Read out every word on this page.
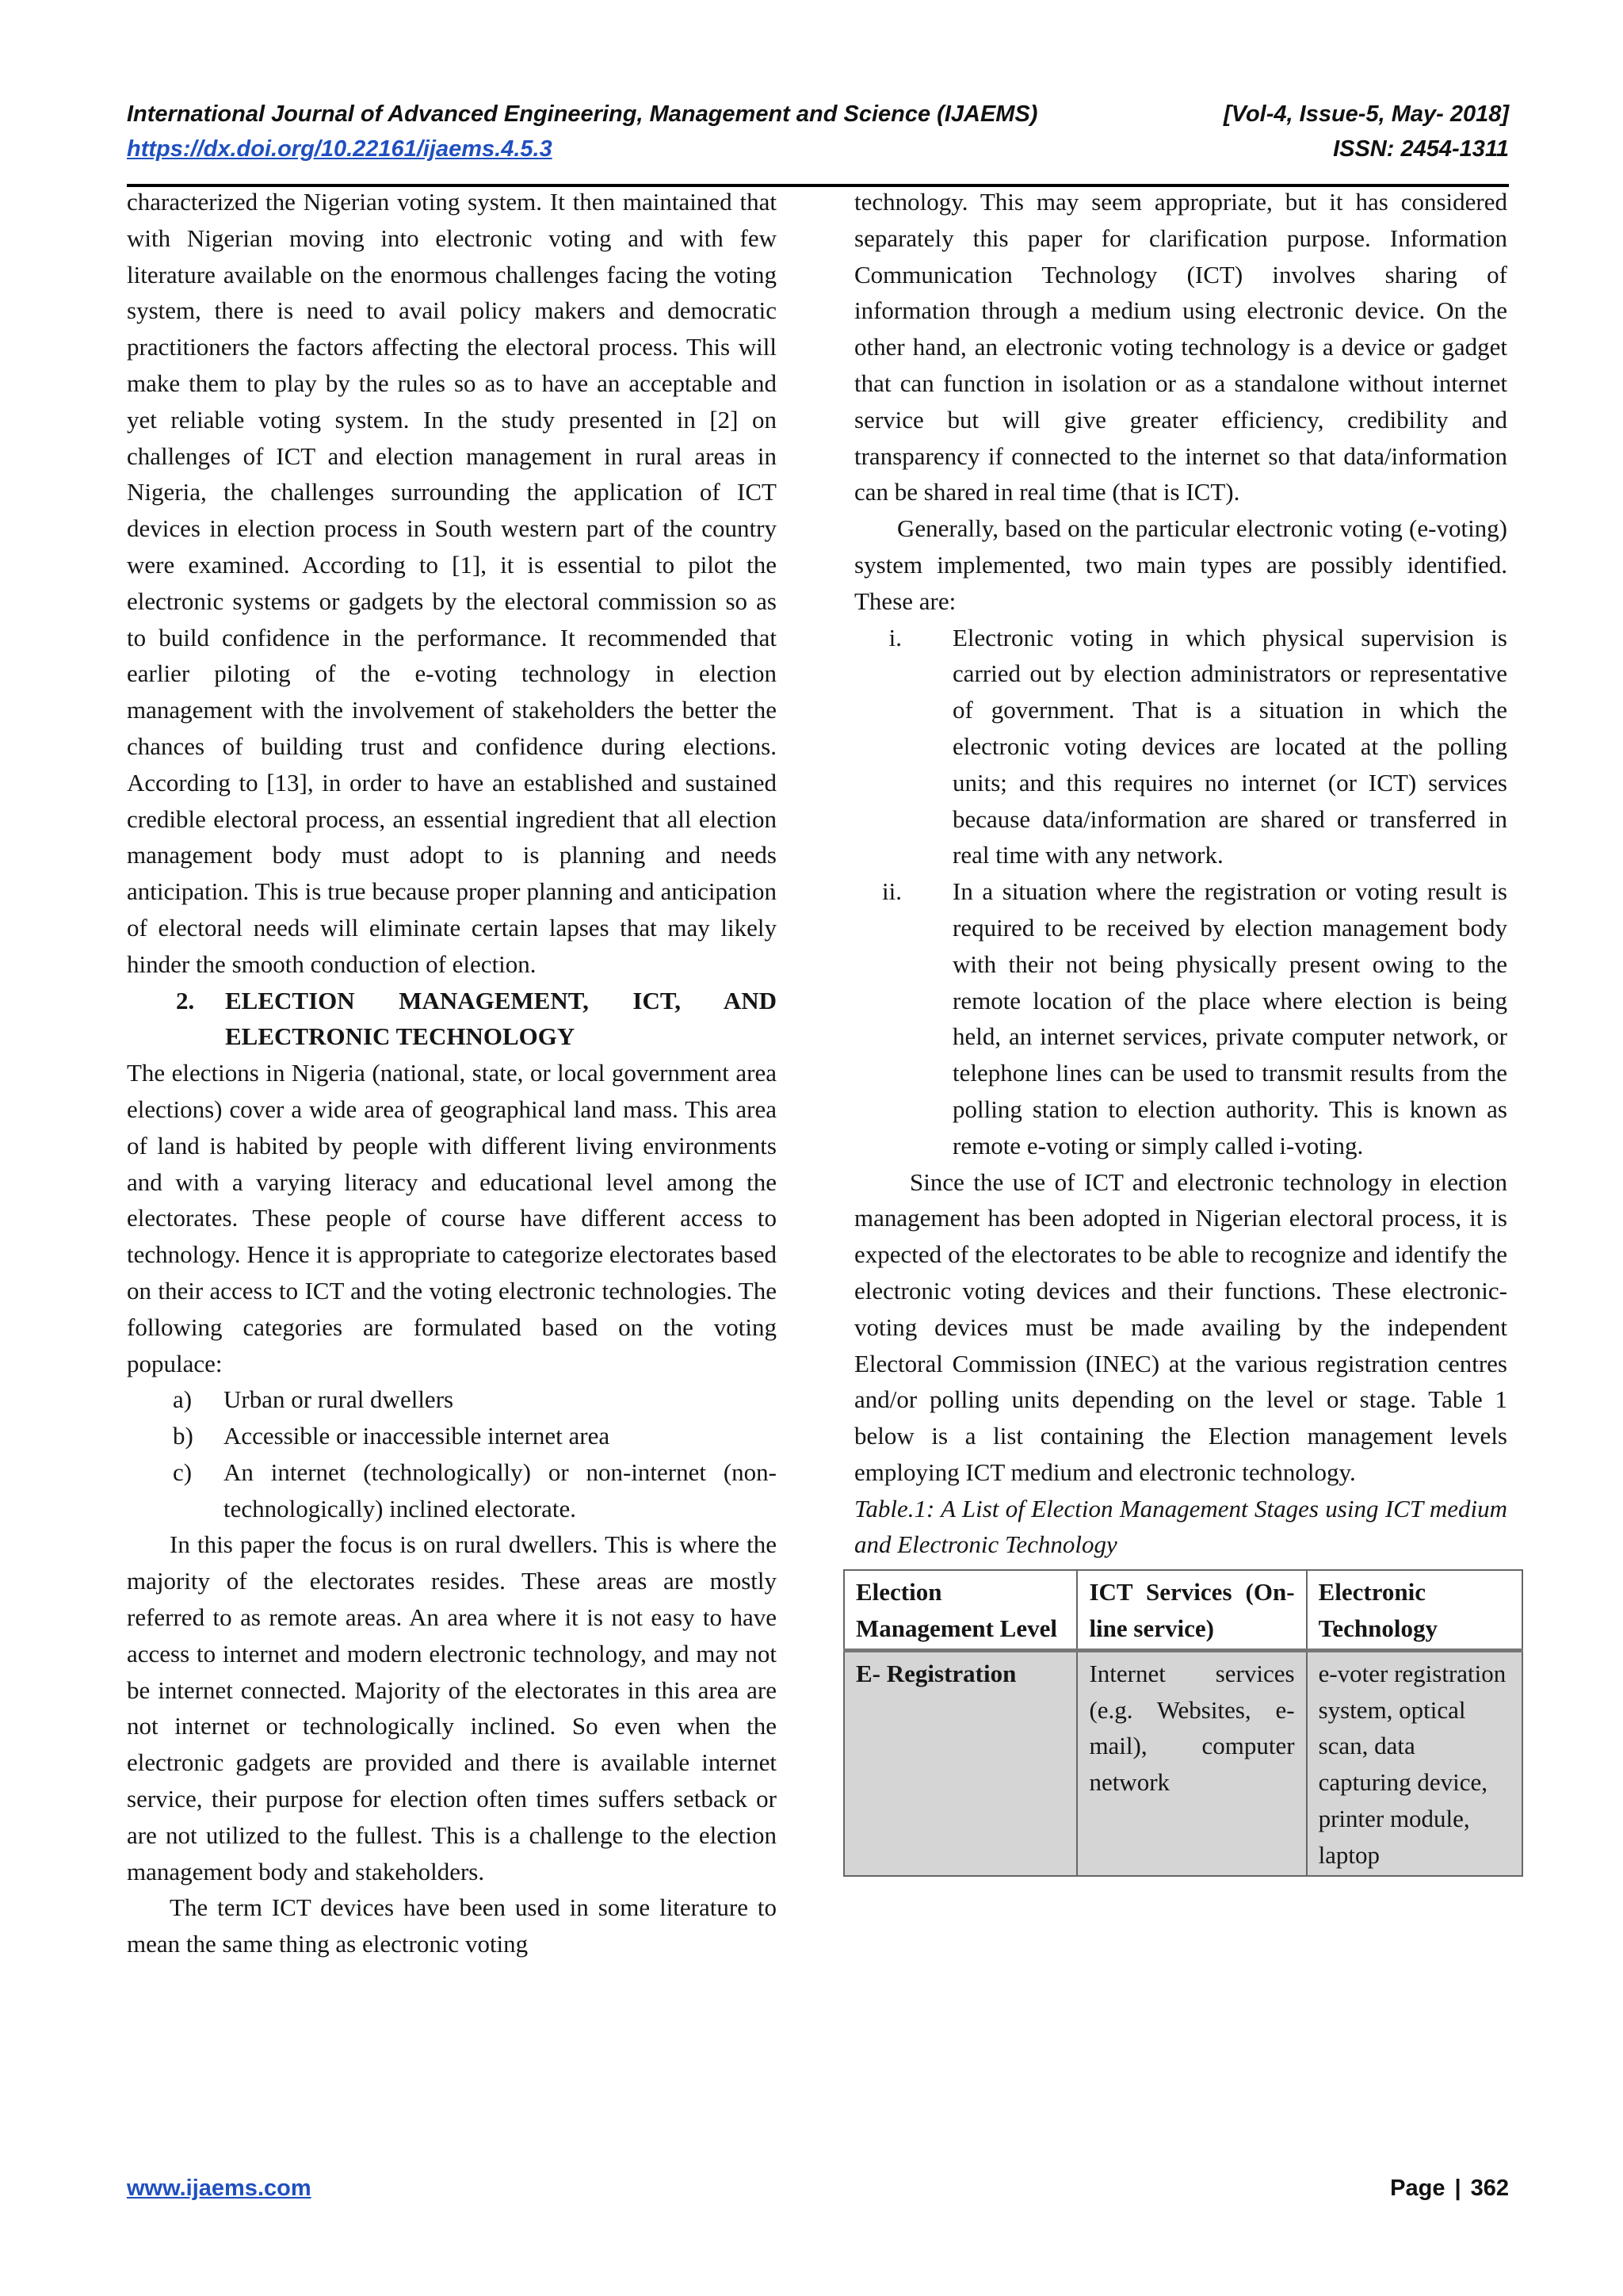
International Journal of Advanced Engineering, Management and Science (IJAEMS)	[Vol-4, Issue-5, May- 2018]
https://dx.doi.org/10.22161/ijaems.4.5.3	ISSN: 2454-1311

characterized the Nigerian voting system. It then maintained that with Nigerian moving into electronic voting and with few literature available on the enormous challenges facing the voting system, there is need to avail policy makers and democratic practitioners the factors affecting the electoral process. This will make them to play by the rules so as to have an acceptable and yet reliable voting system. In the study presented in [2] on challenges of ICT and election management in rural areas in Nigeria, the challenges surrounding the application of ICT devices in election process in South western part of the country were examined. According to [1], it is essential to pilot the electronic systems or gadgets by the electoral commission so as to build confidence in the performance. It recommended that earlier piloting of the e-voting technology in election management with the involvement of stakeholders the better the chances of building trust and confidence during elections. According to [13], in order to have an established and sustained credible electoral process, an essential ingredient that all election management body must adopt to is planning and needs anticipation. This is true because proper planning and anticipation of electoral needs will eliminate certain lapses that may likely hinder the smooth conduction of election.

2.	ELECTION MANAGEMENT, ICT, AND ELECTRONIC TECHNOLOGY

The elections in Nigeria (national, state, or local government area elections) cover a wide area of geographical land mass. This area of land is habited by people with different living environments and with a varying literacy and educational level among the electorates. These people of course have different access to technology. Hence it is appropriate to categorize electorates based on their access to ICT and the voting electronic technologies. The following categories are formulated based on the voting populace:

a)	Urban or rural dwellers
b)	Accessible or inaccessible internet area
c)	An internet (technologically) or non-internet (non-technologically) inclined electorate.

In this paper the focus is on rural dwellers. This is where the majority of the electorates resides. These areas are mostly referred to as remote areas. An area where it is not easy to have access to internet and modern electronic technology, and may not be internet connected. Majority of the electorates in this area are not internet or technologically inclined. So even when the electronic gadgets are provided and there is available internet service, their purpose for election often times suffers setback or are not utilized to the fullest. This is a challenge to the election management body and stakeholders.

The term ICT devices have been used in some literature to mean the same thing as electronic voting

technology. This may seem appropriate, but it has considered separately this paper for clarification purpose. Information Communication Technology (ICT) involves sharing of information through a medium using electronic device. On the other hand, an electronic voting technology is a device or gadget that can function in isolation or as a standalone without internet service but will give greater efficiency, credibility and transparency if connected to the internet so that data/information can be shared in real time (that is ICT).

Generally, based on the particular electronic voting (e-voting) system implemented, two main types are possibly identified. These are:

i. Electronic voting in which physical supervision is carried out by election administrators or representative of government. That is a situation in which the electronic voting devices are located at the polling units; and this requires no internet (or ICT) services because data/information are shared or transferred in real time with any network.
ii. In a situation where the registration or voting result is required to be received by election management body with their not being physically present owing to the remote location of the place where election is being held, an internet services, private computer network, or telephone lines can be used to transmit results from the polling station to election authority. This is known as remote e-voting or simply called i-voting.

Since the use of ICT and electronic technology in election management has been adopted in Nigerian electoral process, it is expected of the electorates to be able to recognize and identify the electronic voting devices and their functions. These electronic-voting devices must be made availing by the independent Electoral Commission (INEC) at the various registration centres and/or polling units depending on the level or stage. Table 1 below is a list containing the Election management levels employing ICT medium and electronic technology.

Table.1: A List of Election Management Stages using ICT medium and Electronic Technology

Election Management Level	ICT Services (On-line service)	Electronic Technology
E- Registration	Internet services (e.g. Websites, e-mail), computer network	e-voter registration system, optical scan, data capturing device, printer module, laptop
www.ijaems.com	Page | 362
